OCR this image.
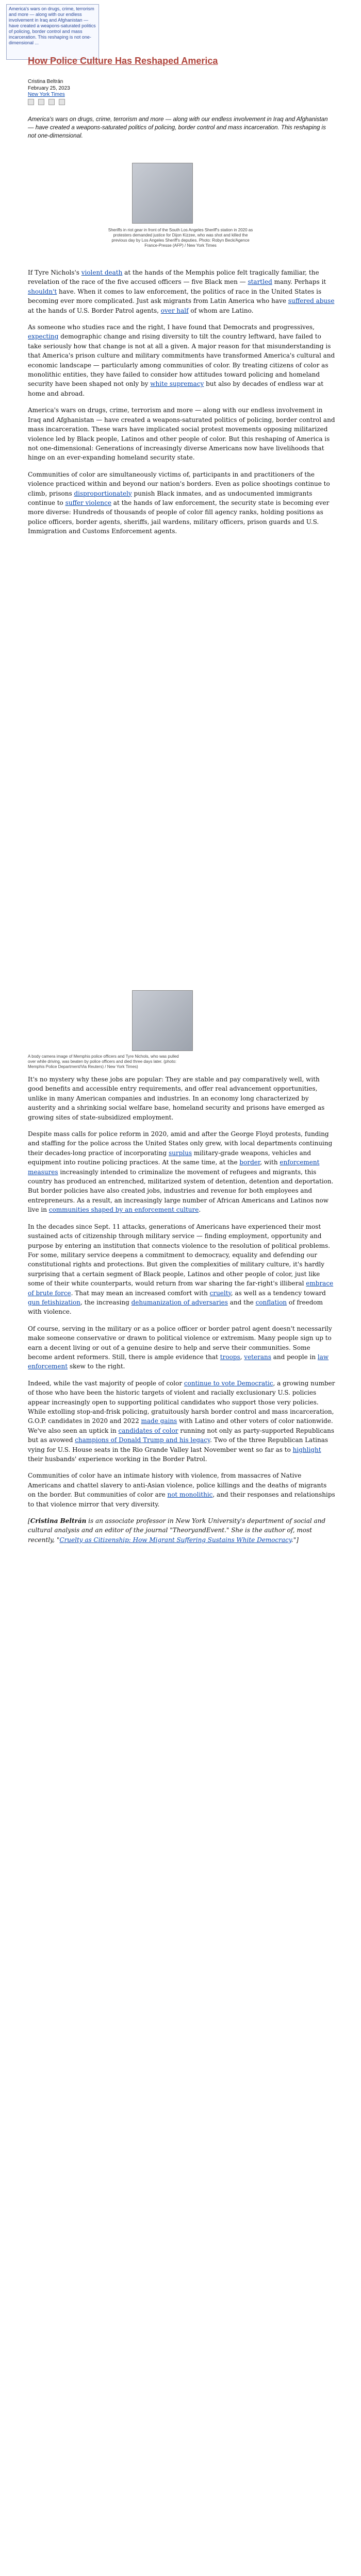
America's wars on drugs, crime, terrorism and more — along with our endless involvement in Iraq and Afghanistan — have created a weapons-saturated politics of policing, border control and mass incarceration. This reshaping is not one-dimensional ...
How Police Culture Has Reshaped America
Cristina Beltrán
February 25, 2023
New York Times
America's wars on drugs, crime, terrorism and more — along with our endless involvement in Iraq and Afghanistan — have created a weapons-saturated politics of policing, border control and mass incarceration. This reshaping is not one-dimensional.
Sheriffs in riot gear in front of the South Los Angeles Sheriff's station in 2020 as protesters demanded justice for Dijon Kizzee, who was shot and killed the previous day by Los Angeles Sheriff's deputies. Photo: Robyn Beck/Agence France-Presse (AFP) / New York Times

If Tyre Nichols's violent death at the hands of the Memphis police felt tragically familiar, the revelation of the race of the five accused officers — five Black men — startled many. Perhaps it shouldn't have. When it comes to law enforcement, the politics of race in the United States is becoming ever more complicated. Just ask migrants from Latin America who have suffered abuse at the hands of U.S. Border Patrol agents, over half of whom are Latino.

As someone who studies race and the right, I have found that Democrats and progressives, expecting demographic change and rising diversity to tilt the country leftward, have failed to take seriously how that change is not at all a given. A major reason for that misunderstanding is that America's prison culture and military commitments have transformed America's cultural and economic landscape — particularly among communities of color. By treating citizens of color as monolithic entities, they have failed to consider how attitudes toward policing and homeland security have been shaped not only by white supremacy but also by decades of endless war at home and abroad.

America's wars on drugs, crime, terrorism and more — along with our endless involvement in Iraq and Afghanistan — have created a weapons-saturated politics of policing, border control and mass incarceration. These wars have implicated social protest movements opposing militarized violence led by Black people, Latinos and other people of color. But this reshaping of America is not one-dimensional: Generations of increasingly diverse Americans now have livelihoods that hinge on an ever-expanding homeland security state.

Communities of color are simultaneously victims of, participants in and practitioners of the violence practiced within and beyond our nation's borders. Even as police shootings continue to climb, prisons disproportionately punish Black inmates, and as undocumented immigrants continue to suffer violence at the hands of law enforcement, the security state is becoming ever more diverse: Hundreds of thousands of people of color fill agency ranks, holding positions as police officers, border agents, sheriffs, jail wardens, military officers, prison guards and U.S. Immigration and Customs Enforcement agents.

A body camera image of Memphis police officers and Tyre Nichols, who was pulled over while driving, was beaten by police officers and died three days later. (photo: Memphis Police Department/Via Reuters) / New York Times)

It's no mystery why these jobs are popular: They are stable and pay comparatively well, with good benefits and accessible entry requirements, and offer real advancement opportunities, unlike in many American companies and industries. In an economy long characterized by austerity and a shrinking social welfare base, homeland security and prisons have emerged as growing sites of state-subsidized employment.

Despite mass calls for police reform in 2020, amid and after the George Floyd protests, funding and staffing for the police across the United States only grew, with local departments continuing their decades-long practice of incorporating surplus military-grade weapons, vehicles and equipment into routine policing practices. At the same time, at the border, with enforcement measures increasingly intended to criminalize the movement of refugees and migrants, this country has produced an entrenched, militarized system of detention, detention and deportation. But border policies have also created jobs, industries and revenue for both employees and entrepreneurs. As a result, an increasingly large number of African Americans and Latinos now live in communities shaped by an enforcement culture.

In the decades since Sept. 11 attacks, generations of Americans have experienced their most sustained acts of citizenship through military service — finding employment, opportunity and purpose by entering an institution that connects violence to the resolution of political problems. For some, military service deepens a commitment to democracy, equality and defending our constitutional rights and protections. But given the complexities of military culture, it's hardly surprising that a certain segment of Black people, Latinos and other people of color, just like some of their white counterparts, would return from war sharing the far-right's illiberal embrace of brute force. That may mean an increased comfort with cruelty, as well as a tendency toward gun fetishization, the increasing dehumanization of adversaries and the conflation of freedom with violence.

Of course, serving in the military or as a police officer or border patrol agent doesn't necessarily make someone conservative or drawn to political violence or extremism. Many people sign up to earn a decent living or out of a genuine desire to help and serve their communities. Some become ardent reformers. Still, there is ample evidence that troops, veterans and people in law enforcement skew to the right.

Indeed, while the vast majority of people of color continue to vote Democratic, a growing number of those who have been the historic targets of violent and racially exclusionary U.S. policies appear increasingly open to supporting political candidates who support those very policies. While extolling stop-and-frisk policing, gratuitously harsh border control and mass incarceration, G.O.P. candidates in 2020 and 2022 made gains with Latino and other voters of color nationwide. We've also seen an uptick in candidates of color running not only as party-supported Republicans but as avowed champions of Donald Trump and his legacy. Two of the three Republican Latinas vying for U.S. House seats in the Rio Grande Valley last November went so far as to highlight their husbands' experience working in the Border Patrol.

Communities of color have an intimate history with violence, from massacres of Native Americans and chattel slavery to anti-Asian violence, police killings and the deaths of migrants on the border. But communities of color are not monolithic, and their responses and relationships to that violence mirror that very diversity.

[Cristina Beltrán is an associate professor in New York University's department of social and cultural analysis and an editor of the journal "TheoryandEvent." She is the author of, most recently, "Cruelty as Citizenship: How Migrant Suffering Sustains White Democracy."]
